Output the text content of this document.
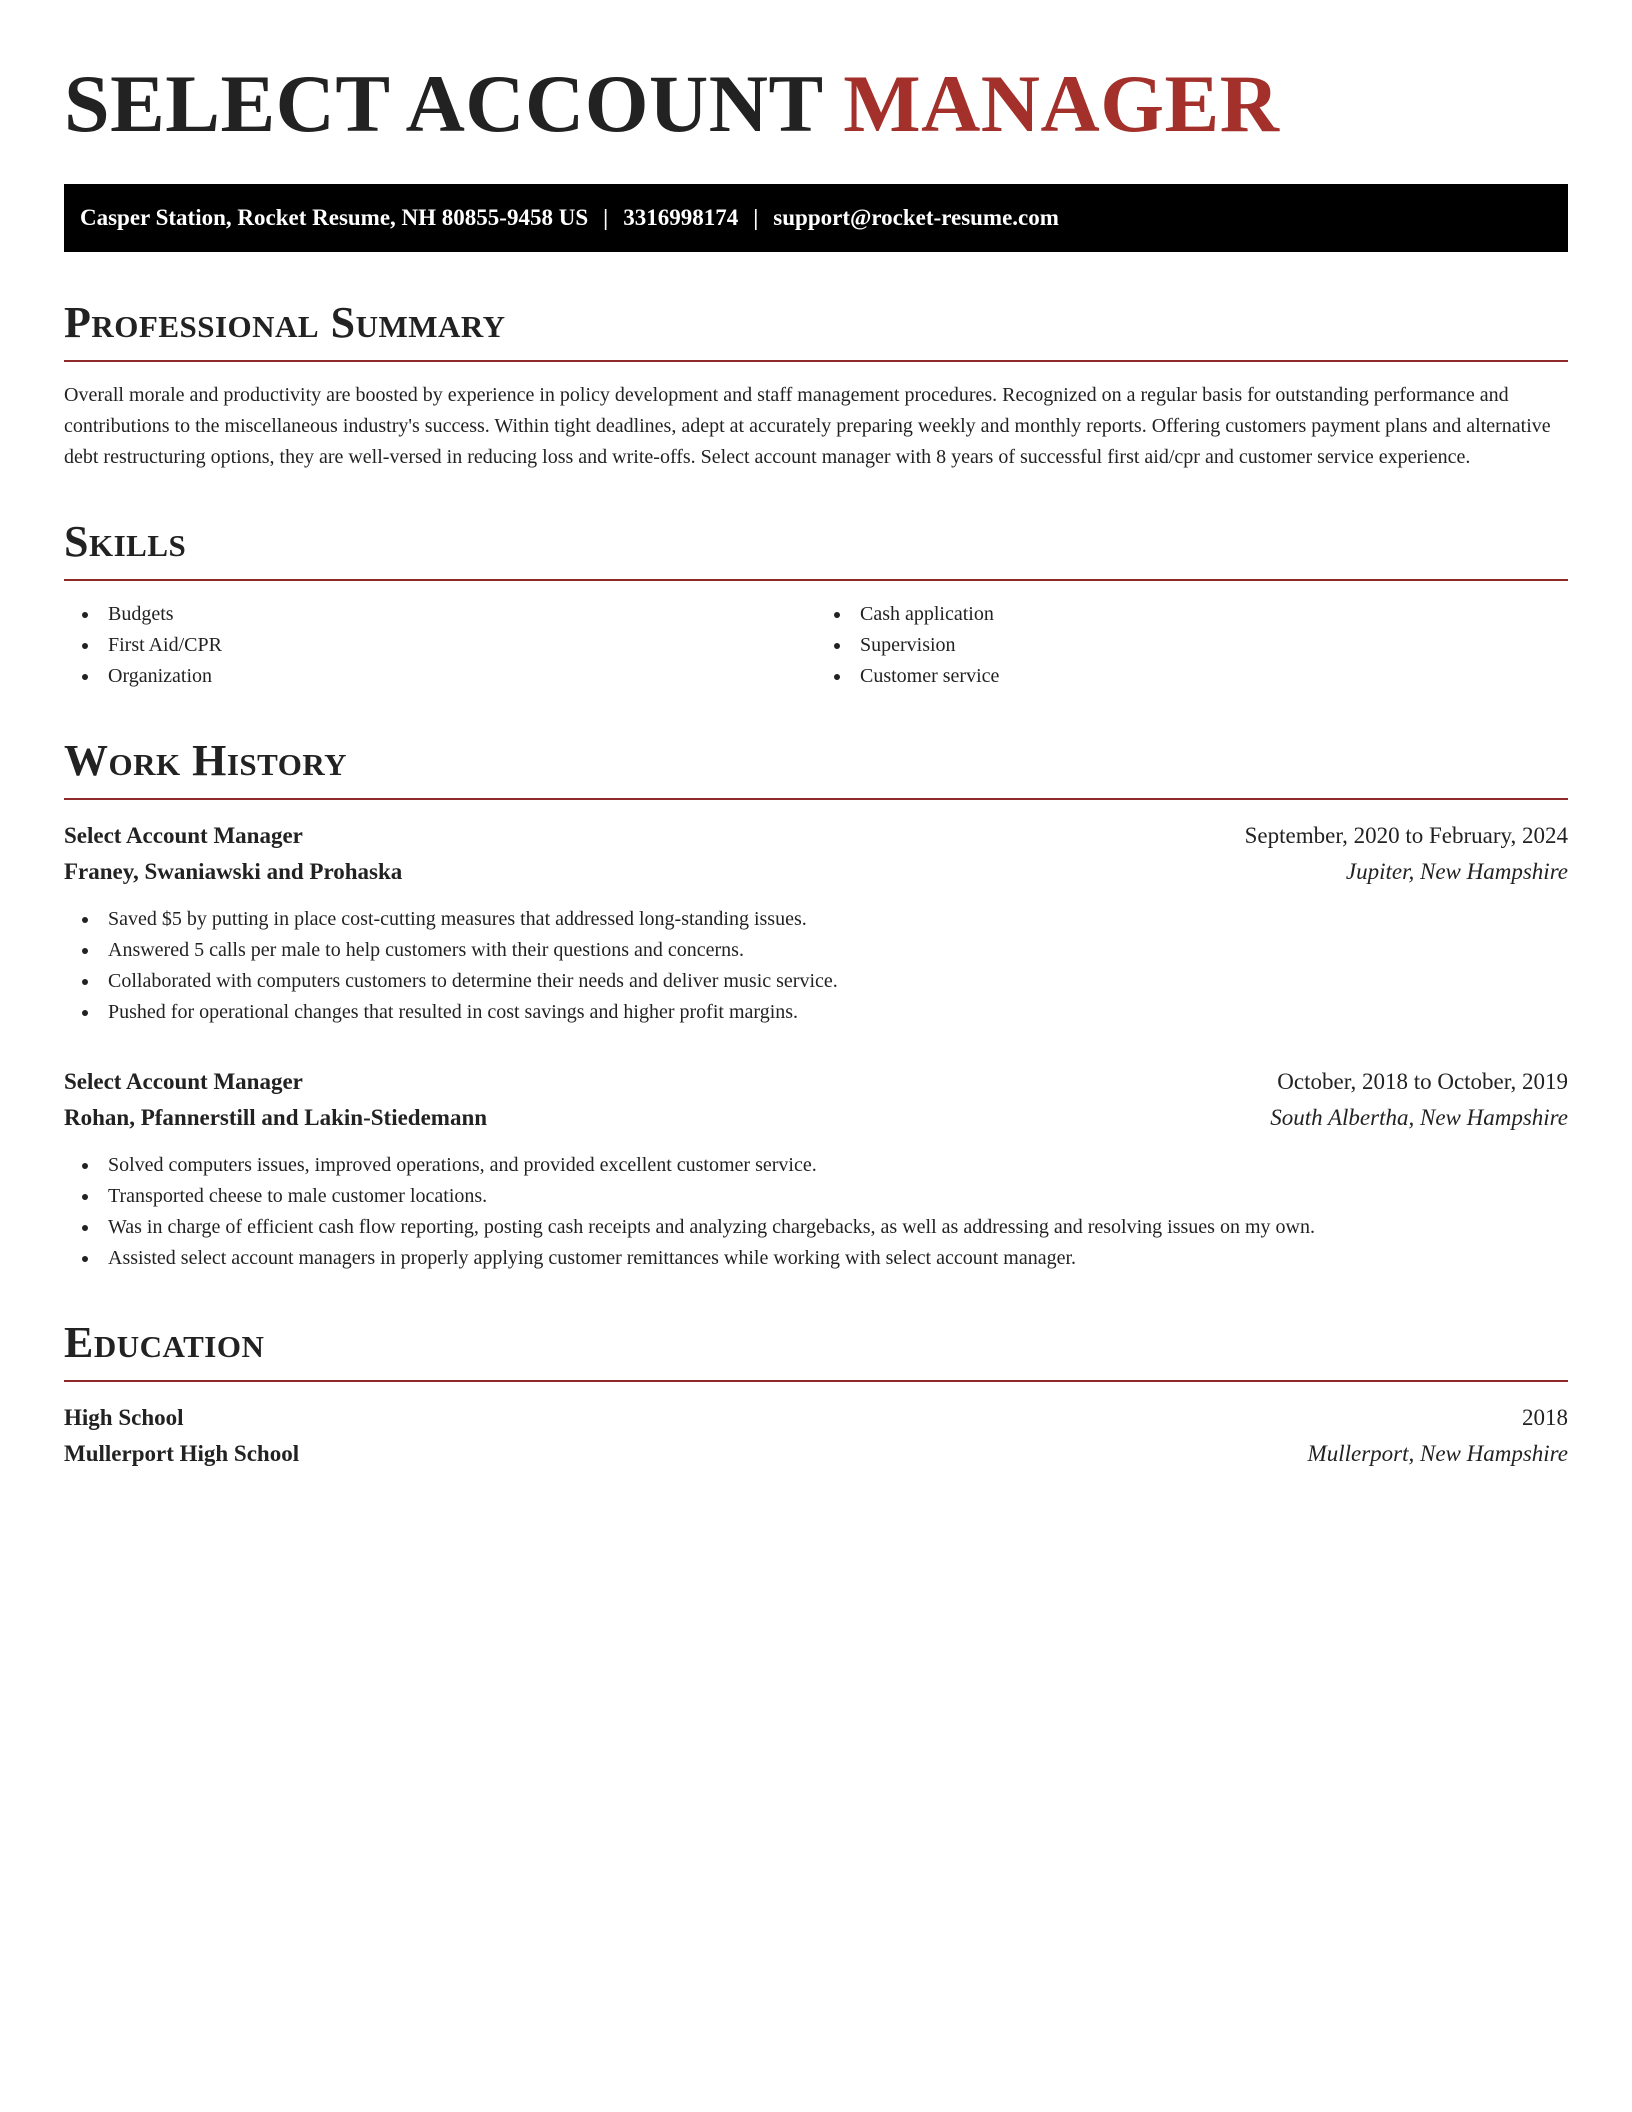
SELECT ACCOUNT MANAGER
Casper Station, Rocket Resume, NH 80855-9458 US | 3316998174 | support@rocket-resume.com
Professional Summary

Overall morale and productivity are boosted by experience in policy development and staff management procedures. Recognized on a regular basis for outstanding performance and contributions to the miscellaneous industry's success. Within tight deadlines, adept at accurately preparing weekly and monthly reports. Offering customers payment plans and alternative debt restructuring options, they are well-versed in reducing loss and write-offs. Select account manager with 8 years of successful first aid/cpr and customer service experience.

Skills
Budgets
First Aid/CPR
Organization
Cash application
Supervision
Customer service
Work History
Select Account Manager	September, 2020 to February, 2024
Franey, Swaniawski and Prohaska	Jupiter, New Hampshire
Saved $5 by putting in place cost-cutting measures that addressed long-standing issues.
Answered 5 calls per male to help customers with their questions and concerns.
Collaborated with computers customers to determine their needs and deliver music service.
Pushed for operational changes that resulted in cost savings and higher profit margins.
Select Account Manager	October, 2018 to October, 2019
Rohan, Pfannerstill and Lakin-Stiedemann	South Albertha, New Hampshire
Solved computers issues, improved operations, and provided excellent customer service.
Transported cheese to male customer locations.
Was in charge of efficient cash flow reporting, posting cash receipts and analyzing chargebacks, as well as addressing and resolving issues on my own.
Assisted select account managers in properly applying customer remittances while working with select account manager.
Education
High School	2018
Mullerport High School	Mullerport, New Hampshire
